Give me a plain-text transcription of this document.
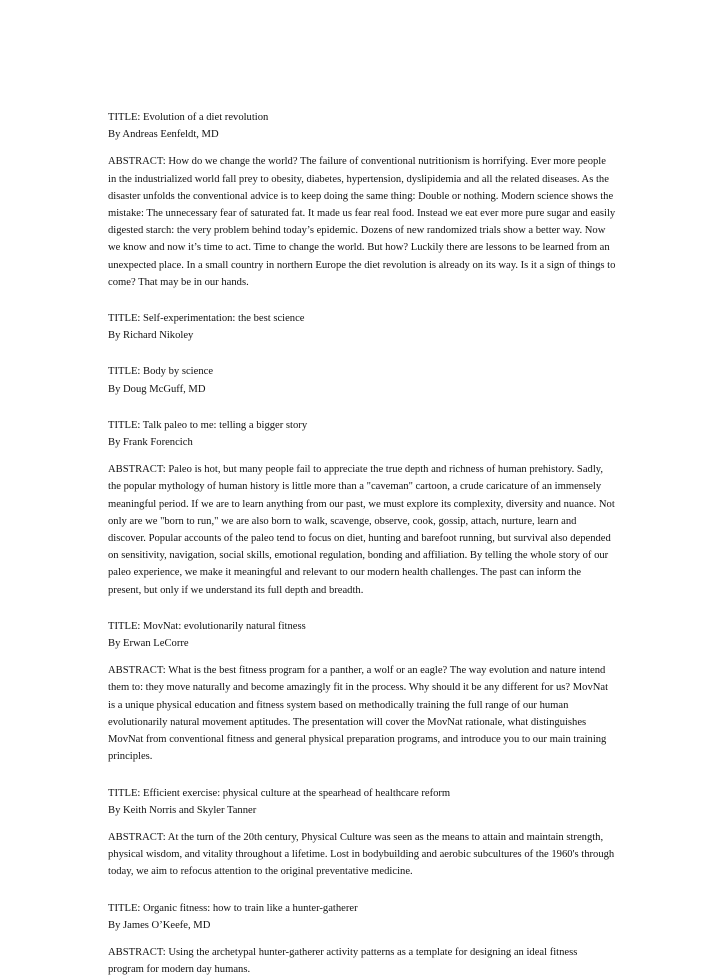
TITLE: Evolution of a diet revolution
By Andreas Eenfeldt, MD
ABSTRACT: How do we change the world? The failure of conventional nutritionism is horrifying. Ever more people
in the industrialized world fall prey to obesity, diabetes, hypertension, dyslipidemia and all the related diseases. As the
disaster unfolds the conventional advice is to keep doing the same thing: Double or nothing. Modern science shows the
mistake: The unnecessary fear of saturated fat. It made us fear real food. Instead we eat ever more pure sugar and easily
digested starch: the very problem behind today’s epidemic. Dozens of new randomized trials show a better way. Now
we know and now it’s time to act. Time to change the world. But how? Luckily there are lessons to be learned from an
unexpected place. In a small country in northern Europe the diet revolution is already on its way. Is it a sign of things to
come? That may be in our hands.
TITLE: Self-experimentation: the best science
By Richard Nikoley
TITLE: Body by science
By Doug McGuff, MD
TITLE: Talk paleo to me: telling a bigger story
By Frank Forencich
ABSTRACT: Paleo is hot, but many people fail to appreciate the true depth and richness of human prehistory. Sadly,
the popular mythology of human history is little more than a "caveman" cartoon, a crude caricature of an immensely
meaningful period. If we are to learn anything from our past, we must explore its complexity, diversity and nuance. Not
only are we "born to run," we are also born to walk, scavenge, observe, cook, gossip, attach, nurture, learn and
discover. Popular accounts of the paleo tend to focus on diet, hunting and barefoot running, but survival also depended
on sensitivity, navigation, social skills, emotional regulation, bonding and affiliation. By telling the whole story of our
paleo experience, we make it meaningful and relevant to our modern health challenges. The past can inform the
present, but only if we understand its full depth and breadth.
TITLE: MovNat: evolutionarily natural fitness
By Erwan LeCorre
ABSTRACT: What is the best fitness program for a panther, a wolf or an eagle? The way evolution and nature intend
them to: they move naturally and become amazingly fit in the process. Why should it be any different for us? MovNat
is a unique physical education and fitness system based on methodically training the full range of our human
evolutionarily natural movement aptitudes. The presentation will cover the MovNat rationale, what distinguishes
MovNat from conventional fitness and general physical preparation programs, and introduce you to our main training
principles.
TITLE: Efficient exercise: physical culture at the spearhead of healthcare reform
By Keith Norris and Skyler Tanner
ABSTRACT: At the turn of the 20th century, Physical Culture was seen as the means to attain and maintain strength,
physical wisdom, and vitality throughout a lifetime. Lost in bodybuilding and aerobic subcultures of the 1960's through
today, we aim to refocus attention to the original preventative medicine.
TITLE: Organic fitness: how to train like a hunter-gatherer
By James O’Keefe, MD
ABSTRACT: Using the archetypal hunter-gatherer activity patterns as a template for designing an ideal fitness
program for modern day humans.
